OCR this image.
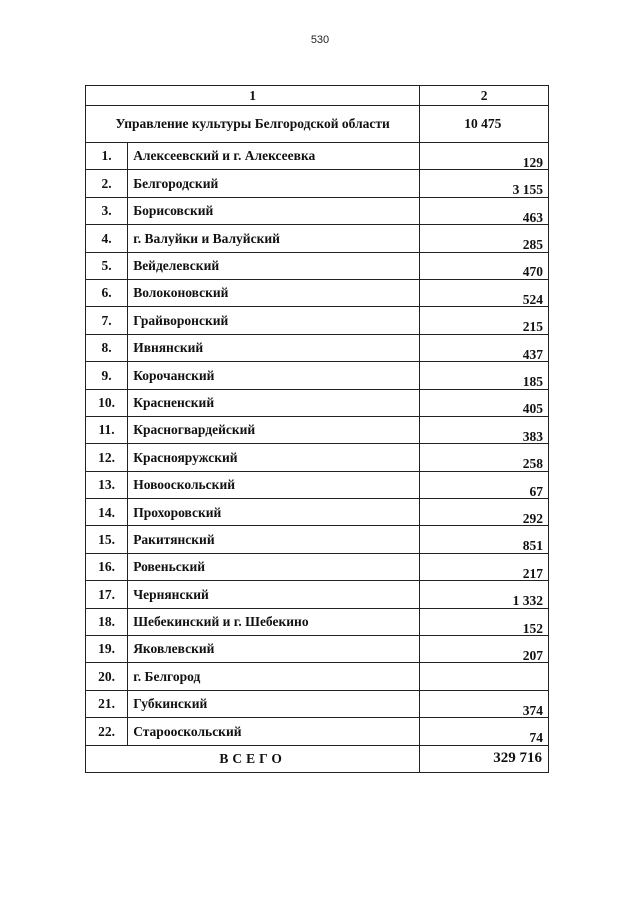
530
1		2
Управление культуры Белгородской области		10 475
1.	Алексеевский и г. Алексеевка	129
2.	Белгородский	3 155
3.	Борисовский	463
4.	г. Валуйки и Валуйский	285
5.	Вейделевский	470
6.	Волоконовский	524
7.	Грайворонский	215
8.	Ивнянский	437
9.	Корочанский	185
10.	Красненский	405
11.	Красногвардейский	383
12.	Краснояружский	258
13.	Новооскольский	67
14.	Прохоровский	292
15.	Ракитянский	851
16.	Ровеньский	217
17.	Чернянский	1 332
18.	Шебекинский и г. Шебекино	152
19.	Яковлевский	207
20.	г. Белгород	
21.	Губкинский	374
22.	Старооскольский	74
ВСЕГО		329 716
